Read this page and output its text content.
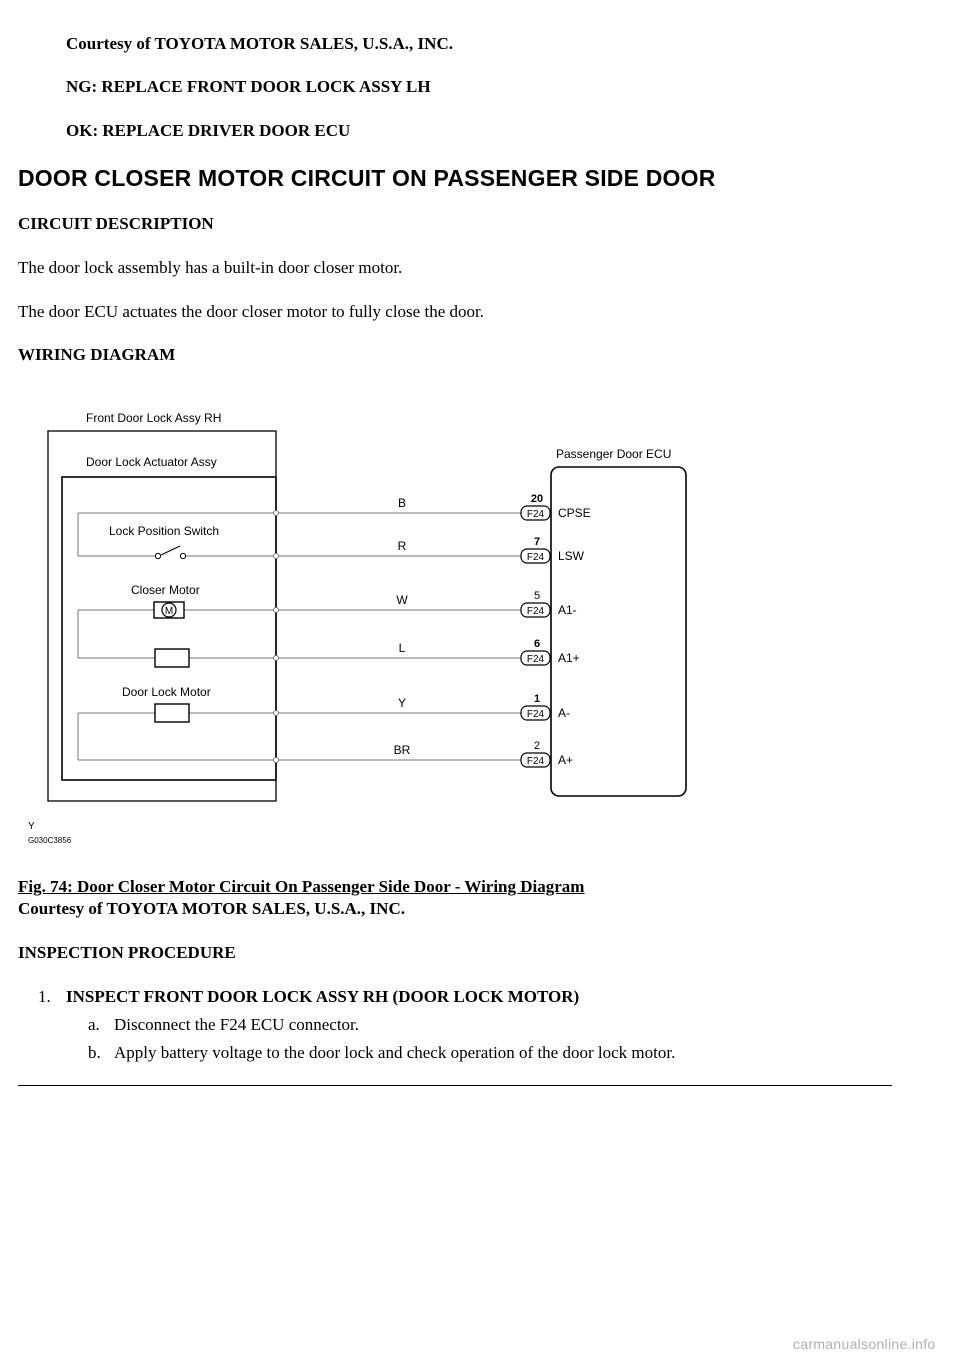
Courtesy of TOYOTA MOTOR SALES, U.S.A., INC.
NG: REPLACE FRONT DOOR LOCK ASSY LH
OK: REPLACE DRIVER DOOR ECU
DOOR CLOSER MOTOR CIRCUIT ON PASSENGER SIDE DOOR
CIRCUIT DESCRIPTION
The door lock assembly has a built-in door closer motor.
The door ECU actuates the door closer motor to fully close the door.
WIRING DIAGRAM
Front Door Lock Assy RH
Door Lock Actuator Assy
Passenger Door ECU
Lock Position Switch
M
Closer Motor
Door Lock Motor
B
F24
20
CPSE
R
F24
7
LSW
W
F24
5
A1-
L
F24
6
A1+
Y
F24
1
A-
BR
F24
2
A+
Y
G030C3856
Fig. 74: Door Closer Motor Circuit On Passenger Side Door - Wiring Diagram
Courtesy of TOYOTA MOTOR SALES, U.S.A., INC.
INSPECTION PROCEDURE
1. INSPECT FRONT DOOR LOCK ASSY RH (DOOR LOCK MOTOR)
a. Disconnect the F24 ECU connector.
b. Apply battery voltage to the door lock and check operation of the door lock motor.
carmanualsonline.info
